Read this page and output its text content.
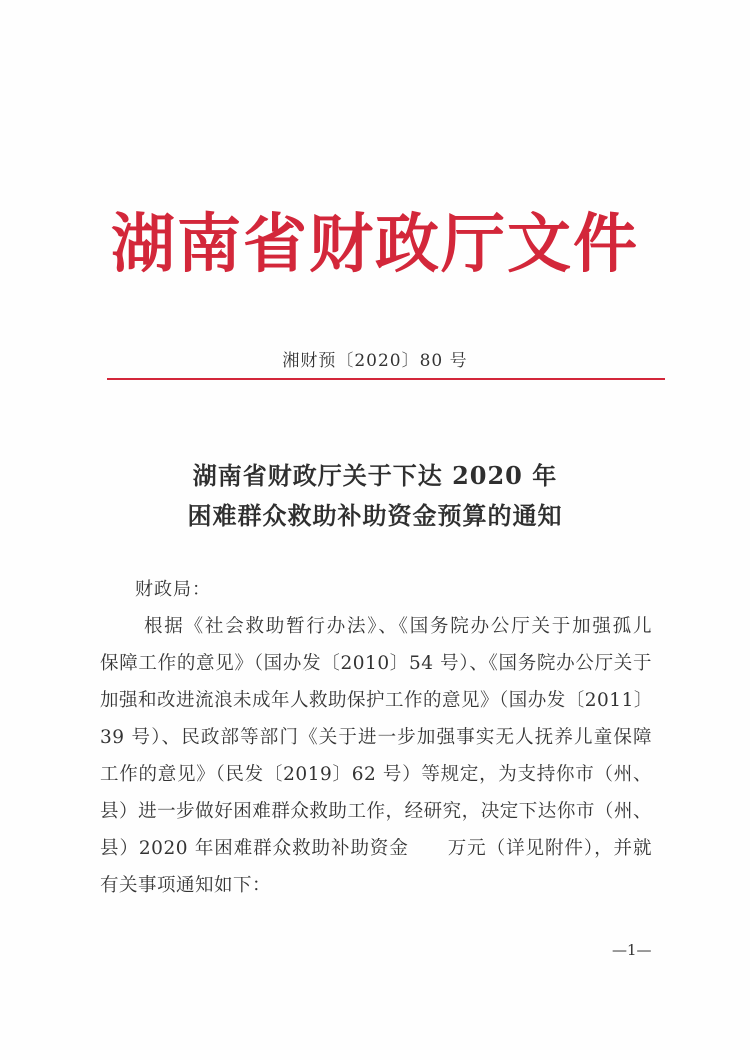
湖南省财政厅文件
湘财预〔2020〕80 号
湖南省财政厅关于下达 2020 年
困难群众救助补助资金预算的通知
财政局：
根据《社会救助暂行办法》、《国务院办公厅关于加强孤儿
保障工作的意见》（国办发〔2010〕54 号）、《国务院办公厅关于
加强和改进流浪未成年人救助保护工作的意见》（国办发〔2011〕
39 号）、民政部等部门《关于进一步加强事实无人抚养儿童保障
工作的意见》（民发〔2019〕62 号）等规定，为支持你市（州、
县）进一步做好困难群众救助工作，经研究，决定下达你市（州、
县）2020 年困难群众救助补助资金　　万元（详见附件），并就
有关事项通知如下：
—1—
